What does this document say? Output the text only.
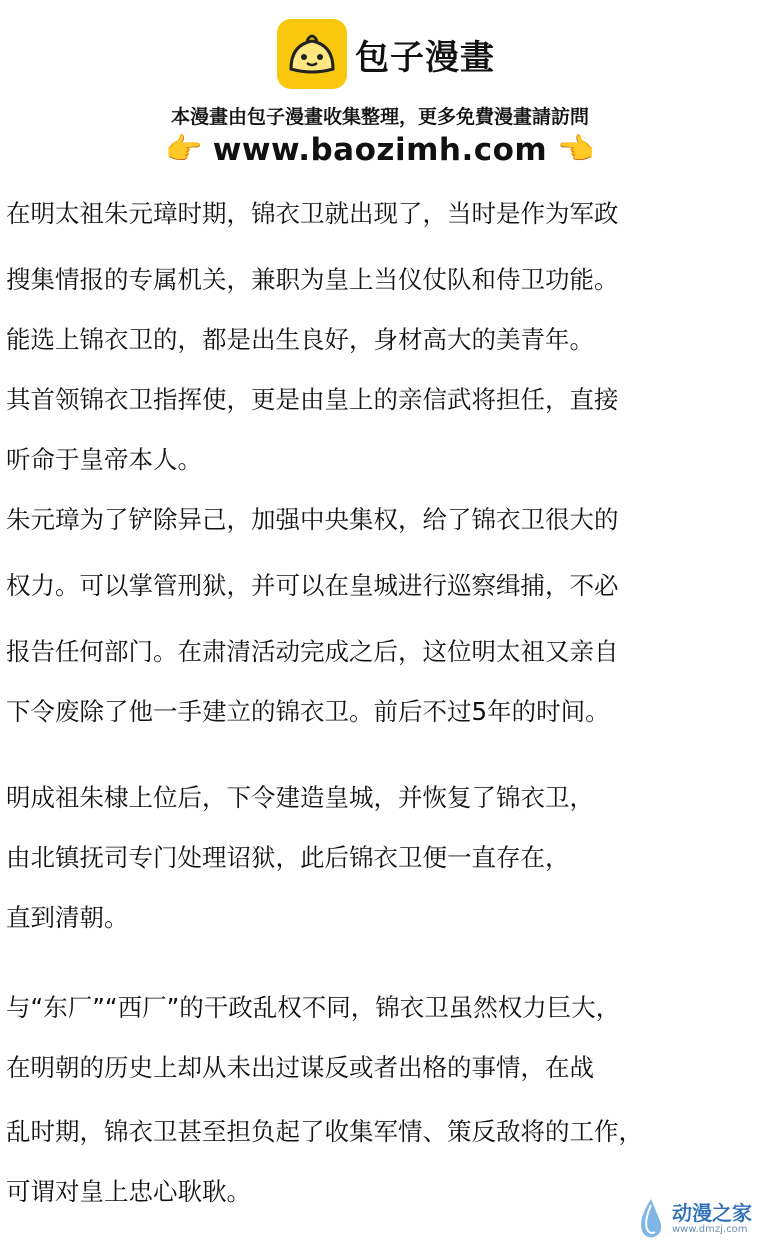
包子漫畫
本漫畫由包子漫畫收集整理，更多免費漫畫請訪問
👉 www.baozimh.com 👈
在明太祖朱元璋时期，锦衣卫就出现了，当时是作为军政
搜集情报的专属机关，兼职为皇上当仪仗队和侍卫功能。
能选上锦衣卫的，都是出生良好，身材高大的美青年。
其首领锦衣卫指挥使，更是由皇上的亲信武将担任，直接
听命于皇帝本人。
朱元璋为了铲除异己，加强中央集权，给了锦衣卫很大的
权力。可以掌管刑狱，并可以在皇城进行巡察缉捕，不必
报告任何部门。在肃清活动完成之后，这位明太祖又亲自
下令废除了他一手建立的锦衣卫。前后不过5年的时间。
明成祖朱棣上位后，下令建造皇城，并恢复了锦衣卫，
由北镇抚司专门处理诏狱，此后锦衣卫便一直存在，
直到清朝。
与“东厂”“西厂”的干政乱权不同，锦衣卫虽然权力巨大，
在明朝的历史上却从未出过谋反或者出格的事情，在战
乱时期，锦衣卫甚至担负起了收集军情、策反敌将的工作，
可谓对皇上忠心耿耿。
动漫之家
www.dmzj.com
